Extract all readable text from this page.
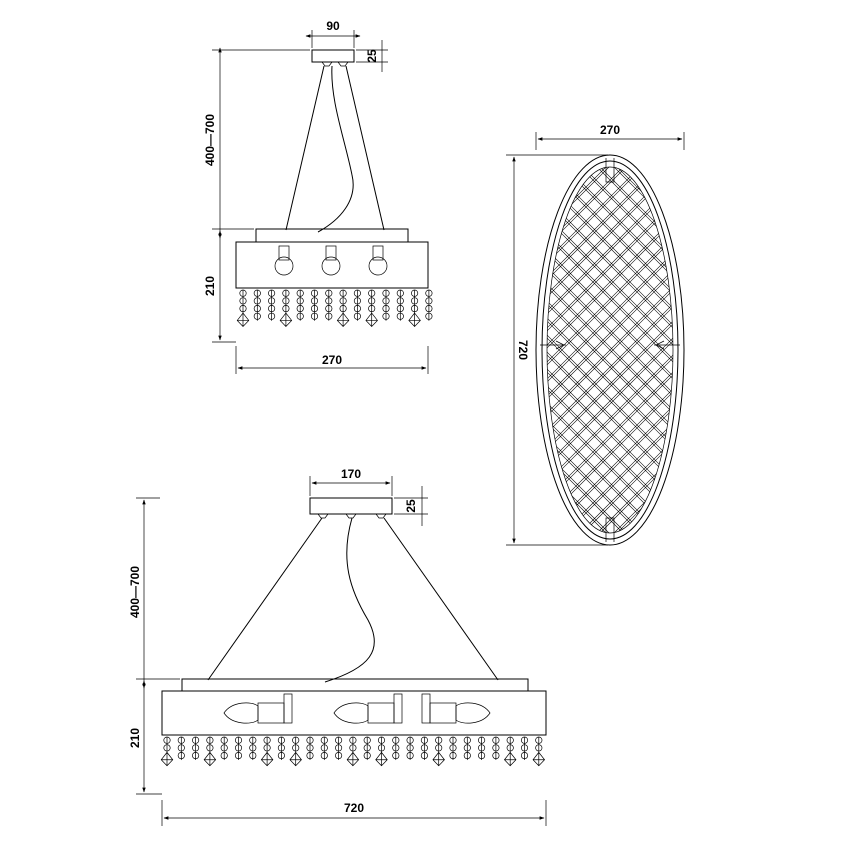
90
25
400—700
210
270
270
720
170
25
400—700
210
720
